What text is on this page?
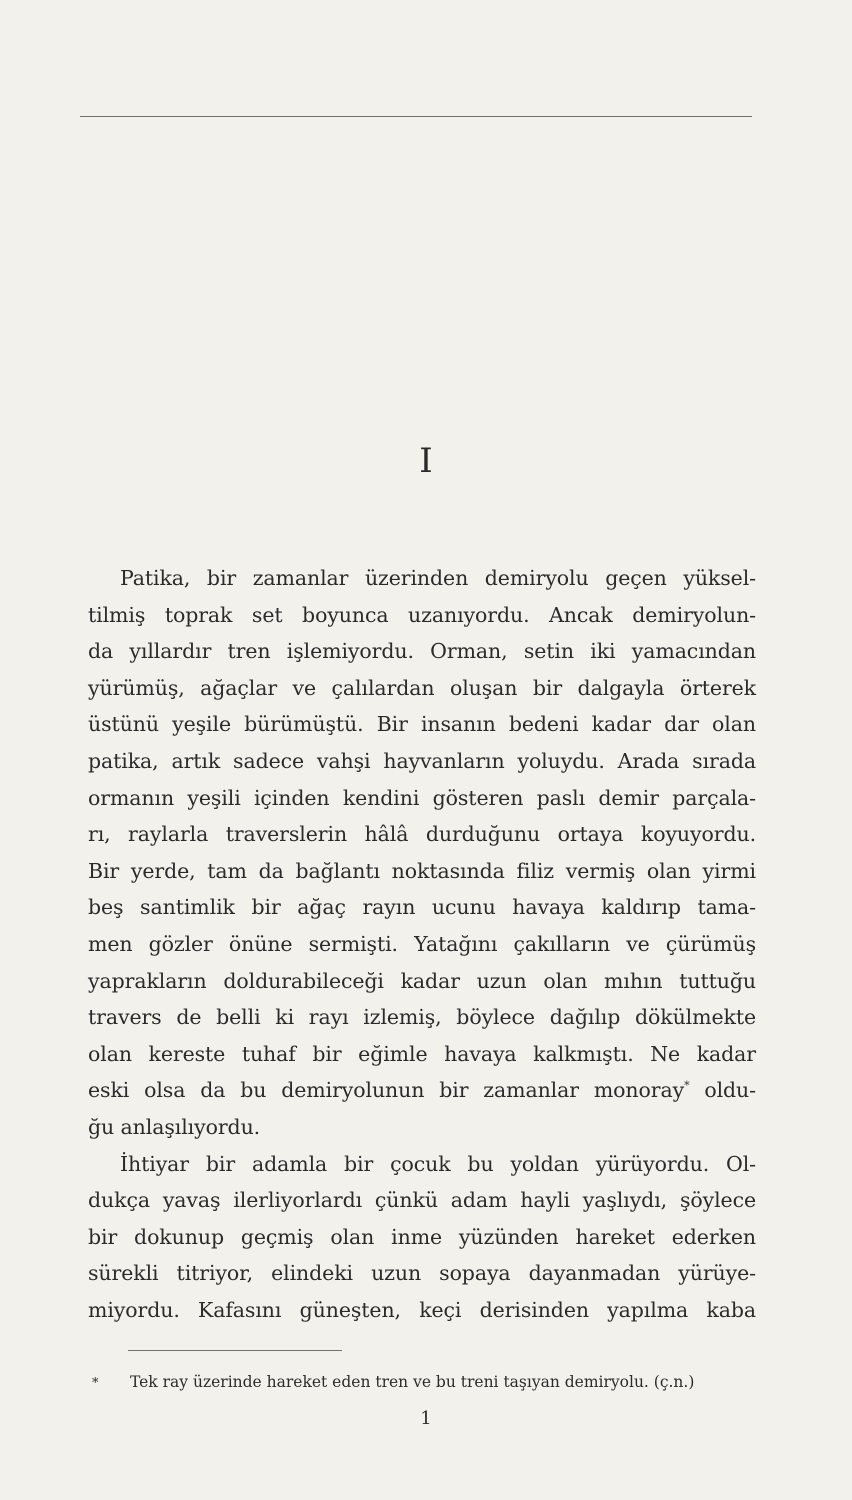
I

Patika, bir zamanlar üzerinden demiryolu geçen yüksel-
tilmiş toprak set boyunca uzanıyordu. Ancak demiryolun-
da yıllardır tren işlemiyordu. Orman, setin iki yamacından
yürümüş, ağaçlar ve çalılardan oluşan bir dalgayla örterek
üstünü yeşile bürümüştü. Bir insanın bedeni kadar dar olan
patika, artık sadece vahşi hayvanların yoluydu. Arada sırada
ormanın yeşili içinden kendini gösteren paslı demir parçala-
rı, raylarla traverslerin hâlâ durduğunu ortaya koyuyordu.
Bir yerde, tam da bağlantı noktasında filiz vermiş olan yirmi
beş santimlik bir ağaç rayın ucunu havaya kaldırıp tama-
men gözler önüne sermişti. Yatağını çakılların ve çürümüş
yaprakların doldurabileceği kadar uzun olan mıhın tuttuğu
travers de belli ki rayı izlemiş, böylece dağılıp dökülmekte
olan kereste tuhaf bir eğimle havaya kalkmıştı. Ne kadar
eski olsa da bu demiryolunun bir zamanlar monoray* oldu-
ğu anlaşılıyordu.

İhtiyar bir adamla bir çocuk bu yoldan yürüyordu. Ol-
dukça yavaş ilerliyorlardı çünkü adam hayli yaşlıydı, şöylece
bir dokunup geçmiş olan inme yüzünden hareket ederken
sürekli titriyor, elindeki uzun sopaya dayanmadan yürüye-
miyordu. Kafasını güneşten, keçi derisinden yapılma kaba

* Tek ray üzerinde hareket eden tren ve bu treni taşıyan demiryolu. (ç.n.)
1
